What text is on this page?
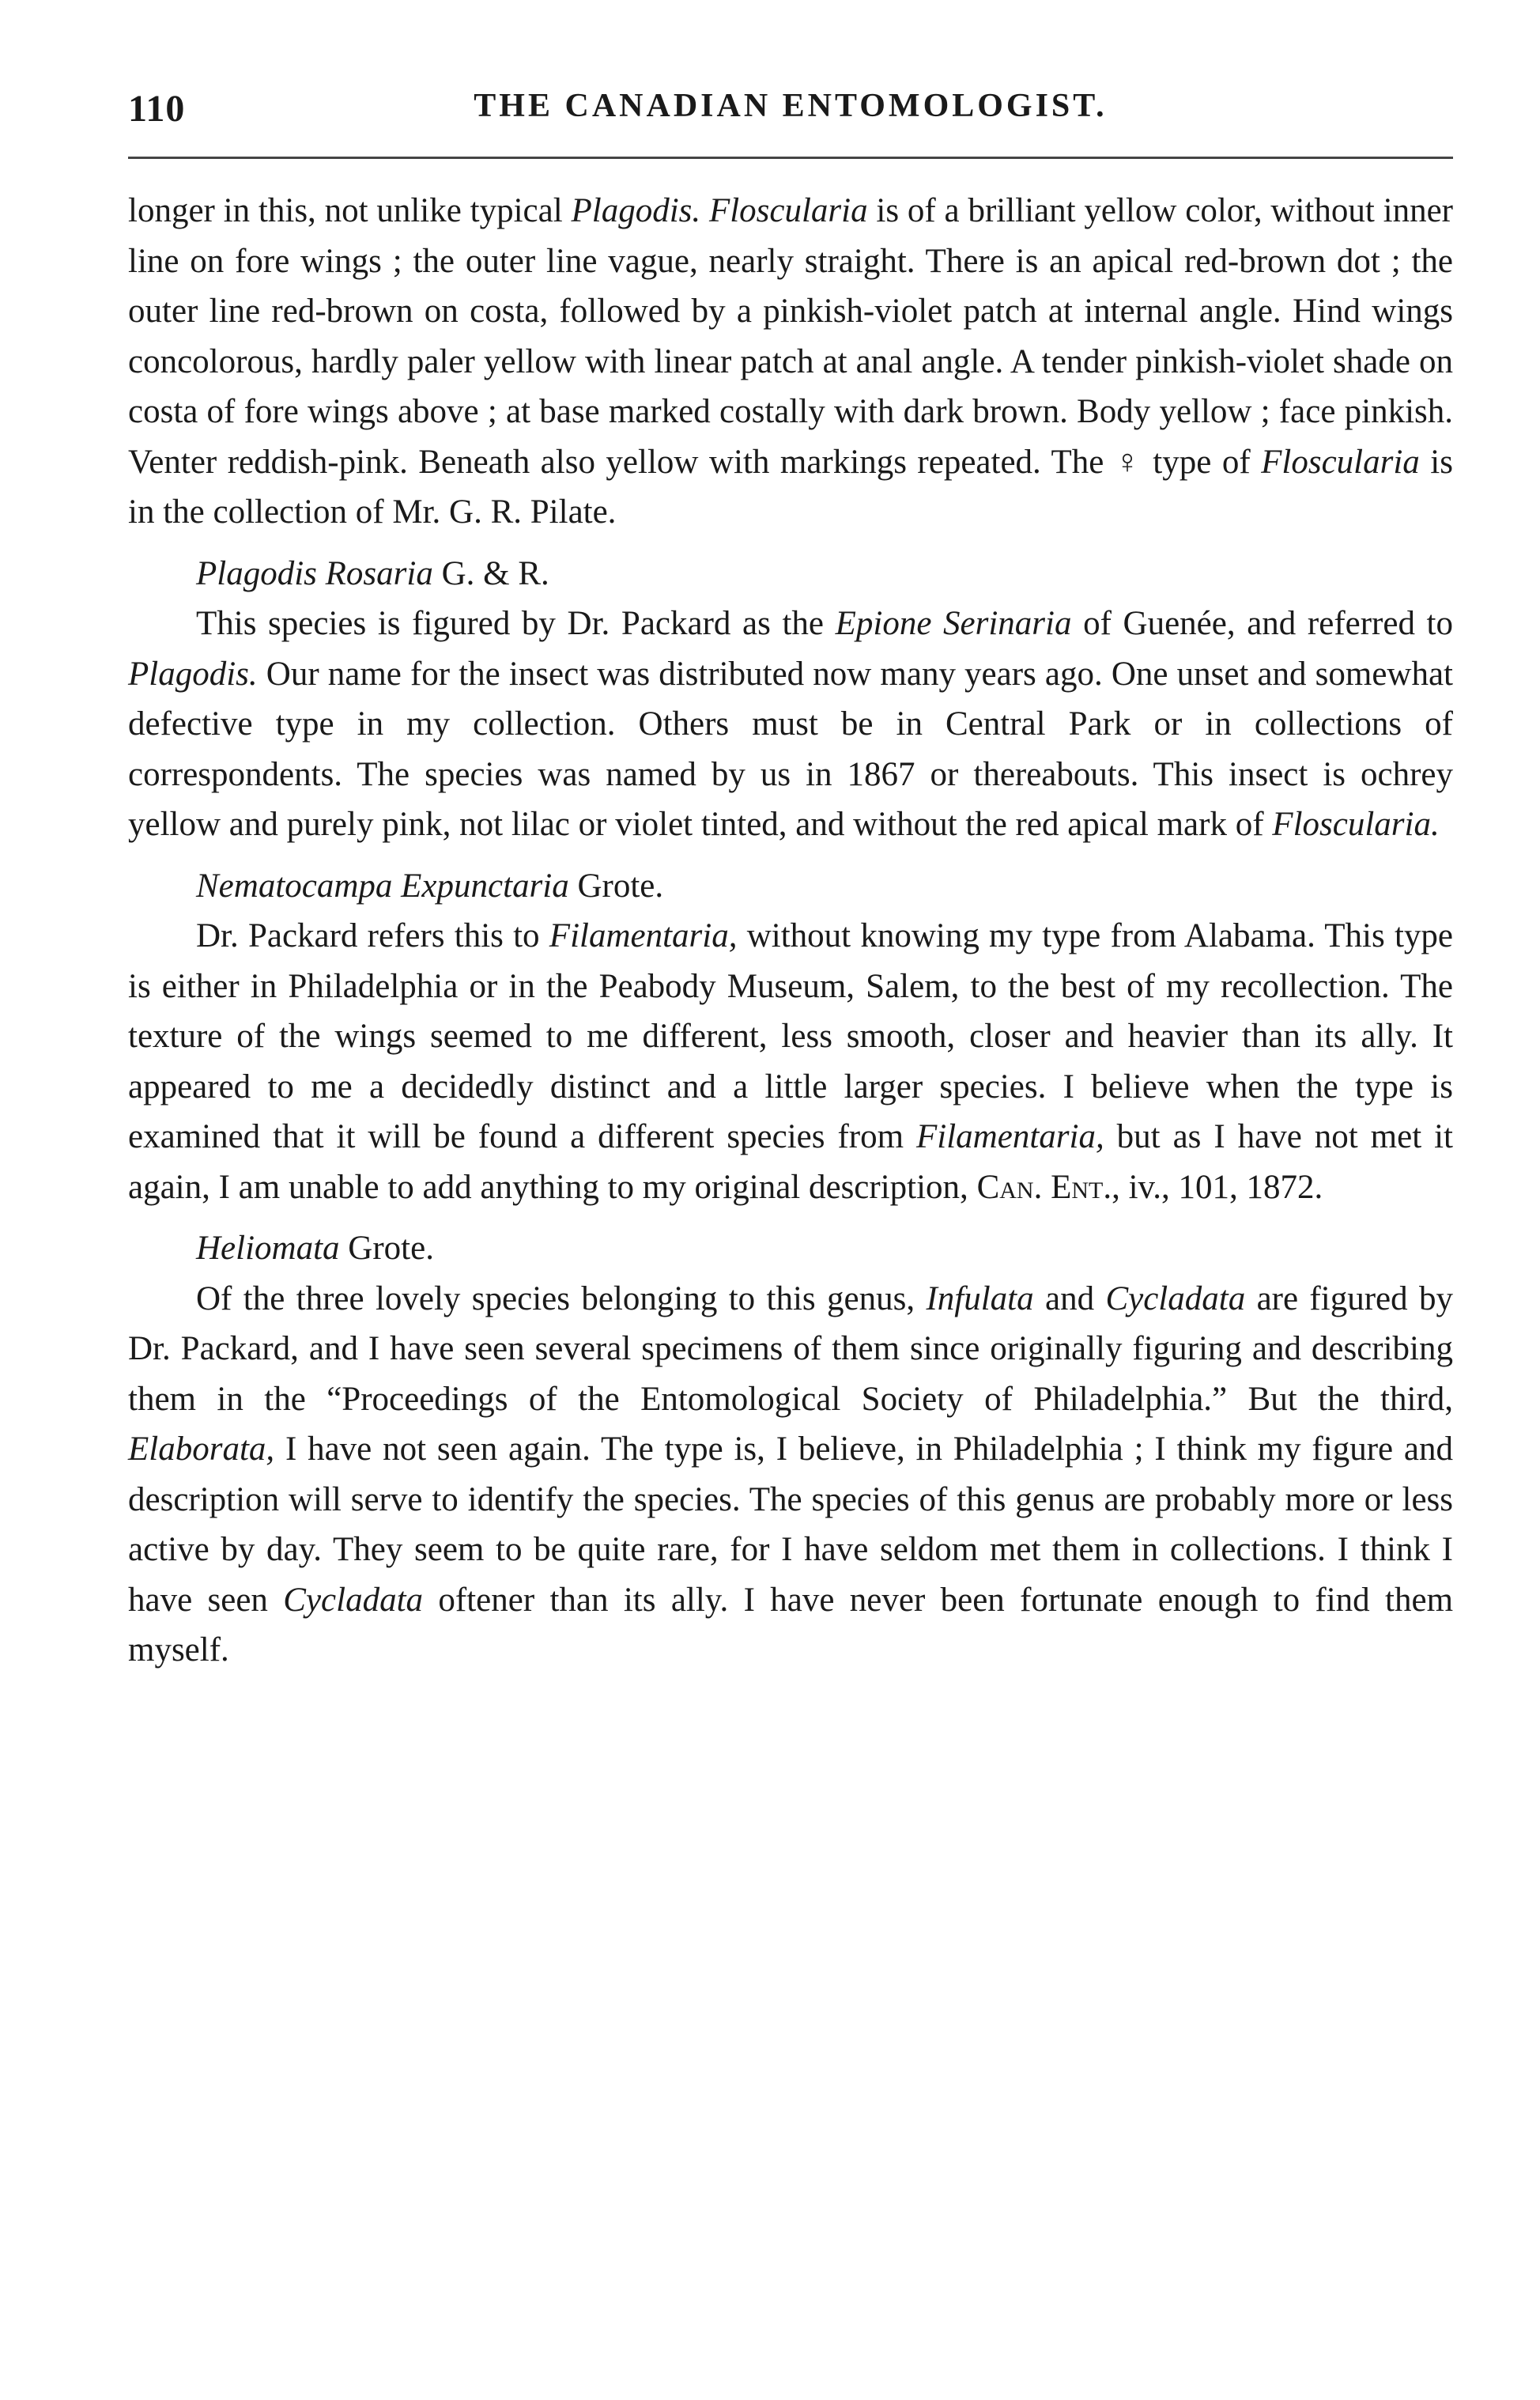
110	THE CANADIAN ENTOMOLOGIST.

longer in this, not unlike typical Plagodis. Floscularia is of a brilliant yellow color, without inner line on fore wings ; the outer line vague, nearly straight. There is an apical red-brown dot ; the outer line red-brown on costa, followed by a pinkish-violet patch at internal angle. Hind wings concolorous, hardly paler yellow with linear patch at anal angle. A tender pinkish-violet shade on costa of fore wings above ; at base marked costally with dark brown. Body yellow ; face pinkish. Venter reddish-pink. Beneath also yellow with markings repeated. The ♀ type of Floscularia is in the collection of Mr. G. R. Pilate.

Plagodis Rosaria G. & R.

This species is figured by Dr. Packard as the Epione Serinaria of Guenée, and referred to Plagodis. Our name for the insect was distributed now many years ago. One unset and somewhat defective type in my collection. Others must be in Central Park or in collections of correspondents. The species was named by us in 1867 or thereabouts. This insect is ochrey yellow and purely pink, not lilac or violet tinted, and without the red apical mark of Floscularia.

Nematocampa Expunctaria Grote.

Dr. Packard refers this to Filamentaria, without knowing my type from Alabama. This type is either in Philadelphia or in the Peabody Museum, Salem, to the best of my recollection. The texture of the wings seemed to me different, less smooth, closer and heavier than its ally. It appeared to me a decidedly distinct and a little larger species. I believe when the type is examined that it will be found a different species from Filamentaria, but as I have not met it again, I am unable to add anything to my original description, Can. Ent., iv., 101, 1872.

Heliomata Grote.

Of the three lovely species belonging to this genus, Infulata and Cycladata are figured by Dr. Packard, and I have seen several specimens of them since originally figuring and describing them in the “Proceedings of the Entomological Society of Philadelphia.” But the third, Elaborata, I have not seen again. The type is, I believe, in Philadelphia ; I think my figure and description will serve to identify the species. The species of this genus are probably more or less active by day. They seem to be quite rare, for I have seldom met them in collections. I think I have seen Cycladata oftener than its ally. I have never been fortunate enough to find them myself.
